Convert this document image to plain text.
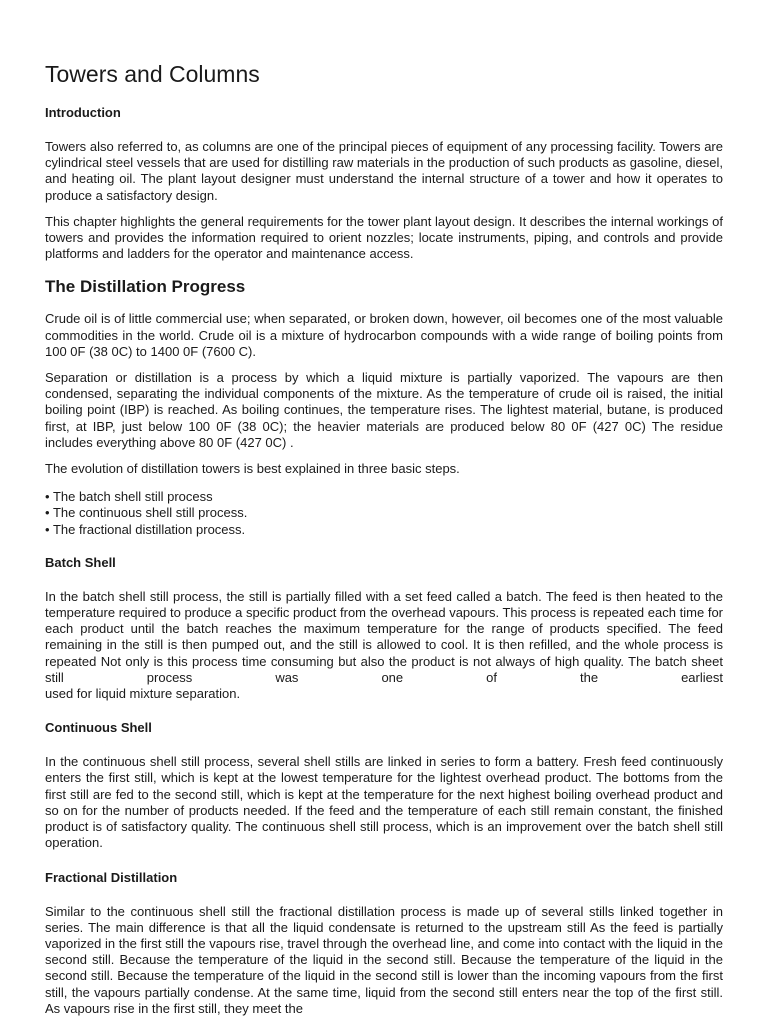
Towers and Columns
Introduction

Towers also referred to, as columns are one of the principal pieces of equipment of any processing facility. Towers are cylindrical steel vessels that are used for distilling raw materials in the production of such products as gasoline, diesel, and heating oil. The plant layout designer must understand the internal structure of a tower and how it operates to produce a satisfactory design.

This chapter highlights the general requirements for the tower plant layout design. It describes the internal workings of towers and provides the information required to orient nozzles; locate instruments, piping, and controls and provide platforms and ladders for the operator and maintenance access.

The Distillation Progress

Crude oil is of little commercial use; when separated, or broken down, however, oil becomes one of the most valuable commodities in the world. Crude oil is a mixture of hydrocarbon compounds with a wide range of boiling points from 100 0F (38 0C) to 1400 0F (7600 C).

Separation or distillation is a process by which a liquid mixture is partially vaporized. The vapours are then condensed, separating the individual components of the mixture. As the temperature of crude oil is raised, the initial boiling point (IBP) is reached. As boiling continues, the temperature rises. The lightest material, butane, is produced first, at IBP, just below 100 0F (38 0C); the heavier materials are produced below 80 0F (427 0C) The residue includes everything above 80 0F (427 0C) .

The evolution of distillation towers is best explained in three basic steps.

• The batch shell still process
• The continuous shell still process.
• The fractional distillation process.
Batch Shell

In the batch shell still process, the still is partially filled with a set feed called a batch. The feed is then heated to the temperature required to produce a specific product from the overhead vapours. This process is repeated each time for each product until the batch reaches the maximum temperature for the range of products specified. The feed remaining in the still is then pumped out, and the still is allowed to cool. It is then refilled, and the whole process is repeated Not only is this process time consuming but also the product is not always of high quality. The batch sheet still process was one of the earliest
used for liquid mixture separation.

Continuous Shell

In the continuous shell still process, several shell stills are linked in series to form a battery. Fresh feed continuously enters the first still, which is kept at the lowest temperature for the lightest overhead product. The bottoms from the first still are fed to the second still, which is kept at the temperature for the next highest boiling overhead product and so on for the number of products needed. If the feed and the temperature of each still remain constant, the finished product is of satisfactory quality. The continuous shell still process, which is an improvement over the batch shell still operation.

Fractional Distillation

Similar to the continuous shell still the fractional distillation process is made up of several stills linked together in series. The main difference is that all the liquid condensate is returned to the upstream still As the feed is partially vaporized in the first still the vapours rise, travel through the overhead line, and come into contact with the liquid in the second still. Because the temperature of the liquid in the second still. Because the temperature of the liquid in the second still. Because the temperature of the liquid in the second still is lower than the incoming vapours from the first still, the vapours partially condense. At the same time, liquid from the second still enters near the top of the first still. As vapours rise in the first still, they meet the
